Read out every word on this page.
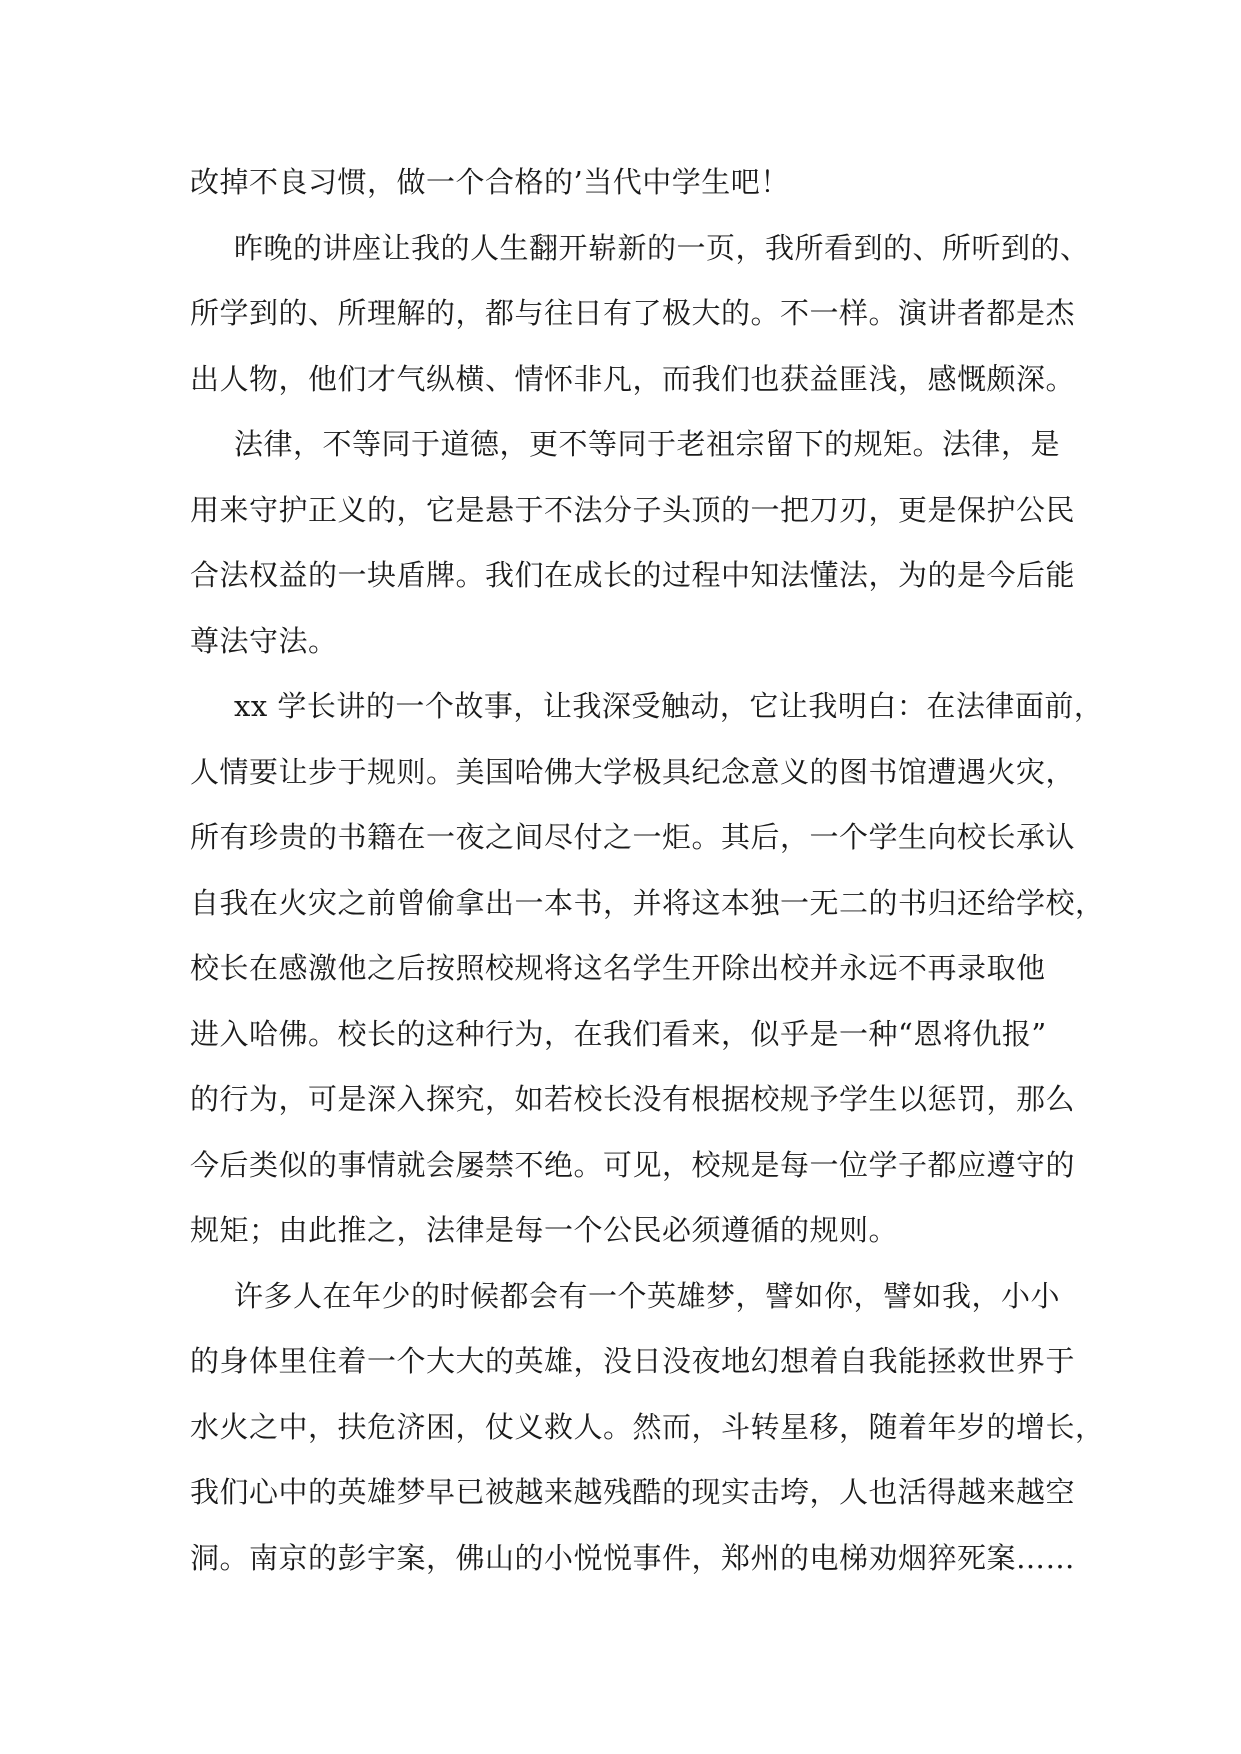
改掉不良习惯，做一个合格的’当代中学生吧！
昨晚的讲座让我的人生翻开崭新的一页，我所看到的、所听到的、
所学到的、所理解的，都与往日有了极大的。不一样。演讲者都是杰
出人物，他们才气纵横、情怀非凡，而我们也获益匪浅，感慨颇深。
法律，不等同于道德，更不等同于老祖宗留下的规矩。法律，是
用来守护正义的，它是悬于不法分子头顶的一把刀刃，更是保护公民
合法权益的一块盾牌。我们在成长的过程中知法懂法，为的是今后能
尊法守法。
xx 学长讲的一个故事，让我深受触动，它让我明白：在法律面前，
人情要让步于规则。美国哈佛大学极具纪念意义的图书馆遭遇火灾，
所有珍贵的书籍在一夜之间尽付之一炬。其后，一个学生向校长承认
自我在火灾之前曾偷拿出一本书，并将这本独一无二的书归还给学校，
校长在感激他之后按照校规将这名学生开除出校并永远不再录取他
进入哈佛。校长的这种行为，在我们看来，似乎是一种“恩将仇报”
的行为，可是深入探究，如若校长没有根据校规予学生以惩罚，那么
今后类似的事情就会屡禁不绝。可见，校规是每一位学子都应遵守的
规矩；由此推之，法律是每一个公民必须遵循的规则。
许多人在年少的时候都会有一个英雄梦，譬如你，譬如我，小小
的身体里住着一个大大的英雄，没日没夜地幻想着自我能拯救世界于
水火之中，扶危济困，仗义救人。然而，斗转星移，随着年岁的增长，
我们心中的英雄梦早已被越来越残酷的现实击垮，人也活得越来越空
洞。南京的彭宇案，佛山的小悦悦事件，郑州的电梯劝烟猝死案……
